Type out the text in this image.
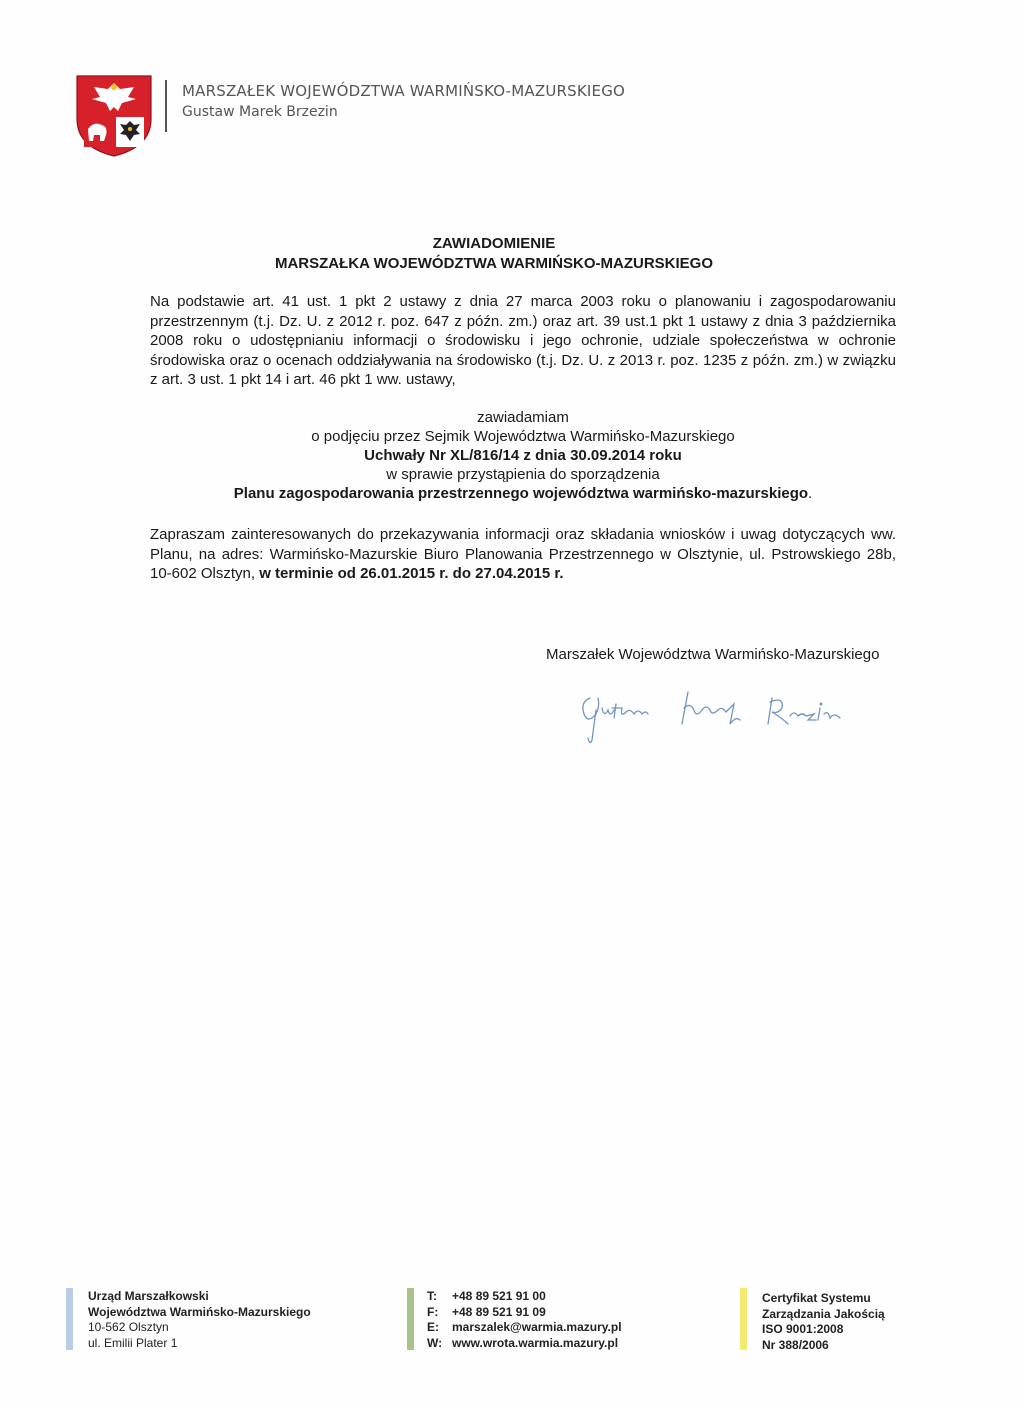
MARSZAŁEK WOJEWÓDZTWA WARMIŃSKO-MAZURSKIEGO
Gustaw Marek Brzezin
ZAWIADOMIENIE
MARSZAŁKA WOJEWÓDZTWA WARMIŃSKO-MAZURSKIEGO
Na podstawie art. 41 ust. 1 pkt 2 ustawy z dnia 27 marca 2003 roku o planowaniu i zagospodarowaniu przestrzennym (t.j. Dz. U. z 2012 r. poz. 647 z późn. zm.) oraz art. 39 ust.1 pkt 1 ustawy z dnia 3 października 2008 roku o udostępnianiu informacji o środowisku i jego ochronie, udziale społeczeństwa w ochronie środowiska oraz o ocenach oddziaływania na środowisko (t.j. Dz. U. z 2013 r. poz. 1235 z późn. zm.) w związku z art. 3 ust. 1 pkt 14 i art. 46 pkt 1 ww. ustawy,
zawiadamiam
o podjęciu przez Sejmik Województwa Warmińsko-Mazurskiego
Uchwały Nr XL/816/14 z dnia 30.09.2014 roku
w sprawie przystąpienia do sporządzenia
Planu zagospodarowania przestrzennego województwa warmińsko-mazurskiego.
Zapraszam zainteresowanych do przekazywania informacji oraz składania wniosków i uwag dotyczących ww. Planu, na adres: Warmińsko-Mazurskie Biuro Planowania Przestrzennego w Olsztynie, ul. Pstrowskiego 28b, 10-602 Olsztyn, w terminie od 26.01.2015 r. do 27.04.2015 r.
Marszałek Województwa Warmińsko-Mazurskiego
Urząd Marszałkowski
Województwa Warmińsko-Mazurskiego
10-562 Olsztyn
ul. Emilii Plater 1
T:	+48 89 521 91 00
F:	+48 89 521 91 09
E:	marszalek@warmia.mazury.pl
W: www.wrota.warmia.mazury.pl
Certyfikat Systemu
Zarządzania Jakością
ISO 9001:2008
Nr 388/2006
